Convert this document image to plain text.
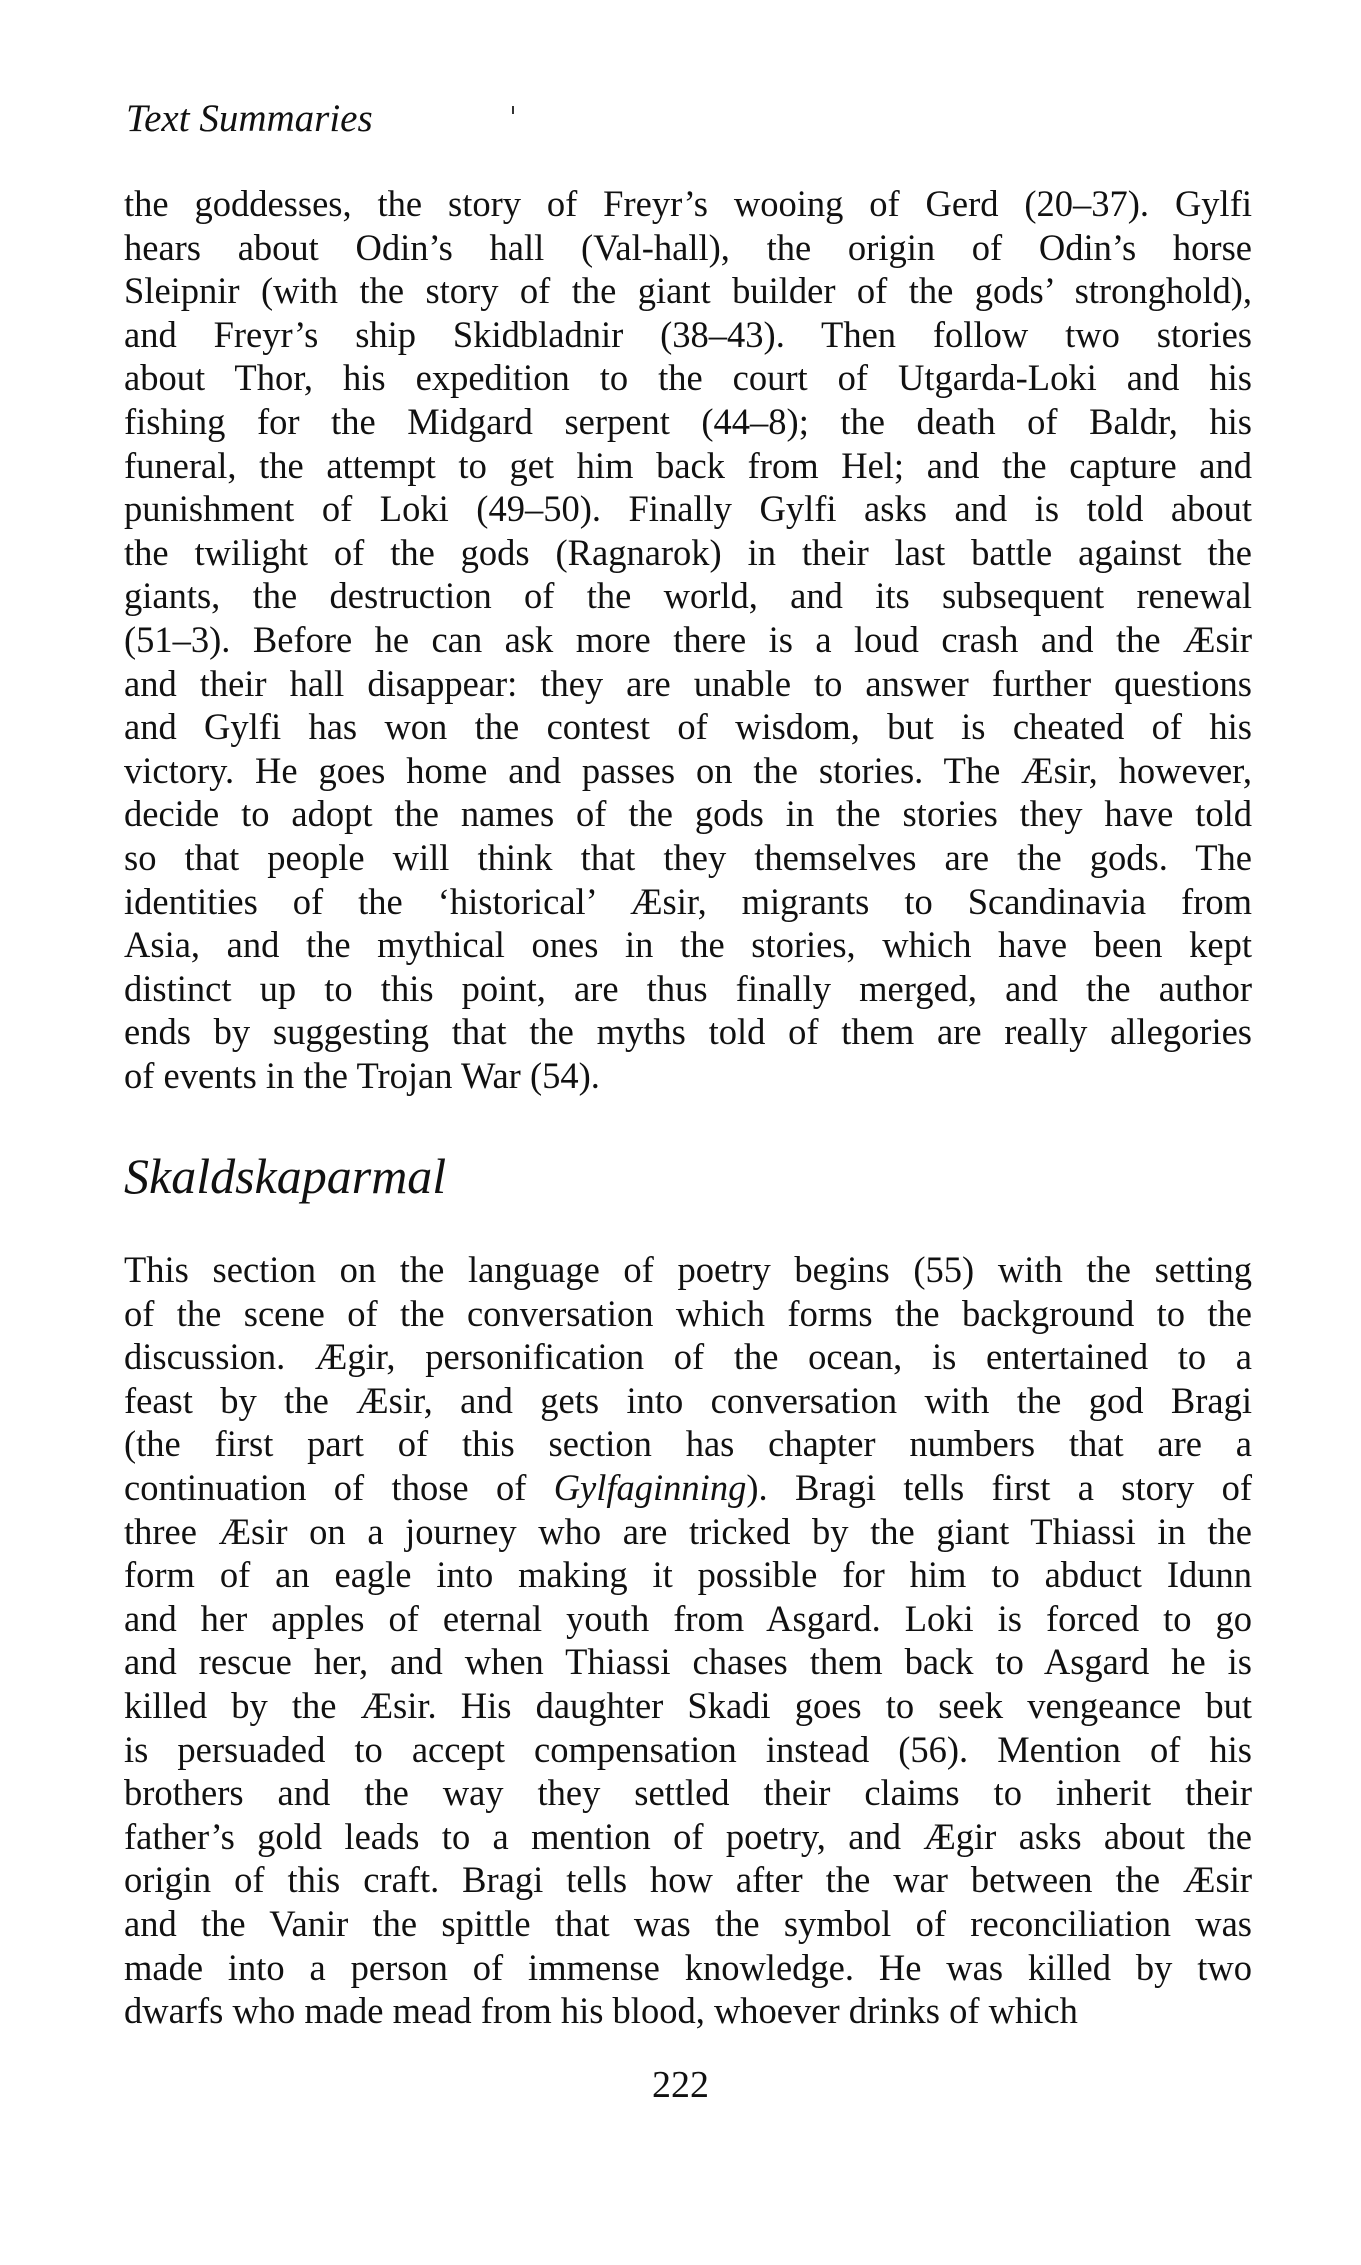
Text Summaries
the goddesses, the story of Freyr’s wooing of Gerd (20–37). Gylfi
hears about Odin’s hall (Val-hall), the origin of Odin’s horse
Sleipnir (with the story of the giant builder of the gods’ stronghold),
and Freyr’s ship Skidbladnir (38–43). Then follow two stories
about Thor, his expedition to the court of Utgarda-Loki and his
fishing for the Midgard serpent (44–8); the death of Baldr, his
funeral, the attempt to get him back from Hel; and the capture and
punishment of Loki (49–50). Finally Gylfi asks and is told about
the twilight of the gods (Ragnarok) in their last battle against the
giants, the destruction of the world, and its subsequent renewal
(51–3). Before he can ask more there is a loud crash and the Æsir
and their hall disappear: they are unable to answer further questions
and Gylfi has won the contest of wisdom, but is cheated of his
victory. He goes home and passes on the stories. The Æsir, however,
decide to adopt the names of the gods in the stories they have told
so that people will think that they themselves are the gods. The
identities of the ‘historical’ Æsir, migrants to Scandinavia from
Asia, and the mythical ones in the stories, which have been kept
distinct up to this point, are thus finally merged, and the author
ends by suggesting that the myths told of them are really allegories
of events in the Trojan War (54).
Skaldskaparmal
This section on the language of poetry begins (55) with the setting
of the scene of the conversation which forms the background to the
discussion. Ægir, personification of the ocean, is entertained to a
feast by the Æsir, and gets into conversation with the god Bragi
(the first part of this section has chapter numbers that are a
continuation of those of Gylfaginning). Bragi tells first a story of
three Æsir on a journey who are tricked by the giant Thiassi in the
form of an eagle into making it possible for him to abduct Idunn
and her apples of eternal youth from Asgard. Loki is forced to go
and rescue her, and when Thiassi chases them back to Asgard he is
killed by the Æsir. His daughter Skadi goes to seek vengeance but
is persuaded to accept compensation instead (56). Mention of his
brothers and the way they settled their claims to inherit their
father’s gold leads to a mention of poetry, and Ægir asks about the
origin of this craft. Bragi tells how after the war between the Æsir
and the Vanir the spittle that was the symbol of reconciliation was
made into a person of immense knowledge. He was killed by two
dwarfs who made mead from his blood, whoever drinks of which
222
